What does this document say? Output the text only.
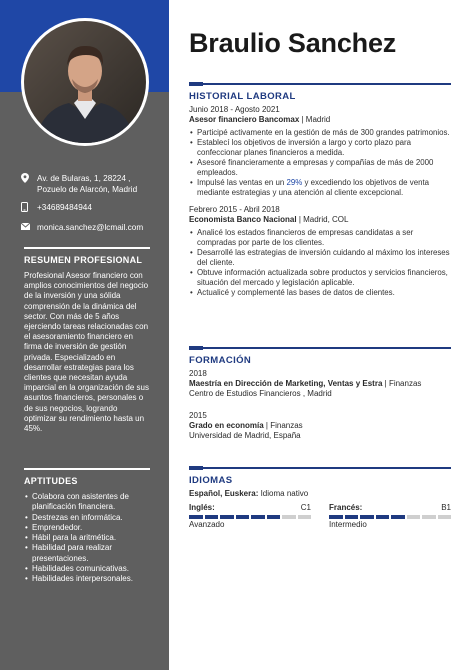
Av. de Bularas, 1, 28224 ,
Pozuelo de Alarcón, Madrid
+34689484944
monica.sanchez@lcmail.com
RESUMEN PROFESIONAL

Profesional Asesor financiero con amplios conocimientos del negocio de la inversión y una sólida comprensión de la dinámica del sector. Con más de 5 años ejerciendo tareas relacionadas con el asesoramiento financiero en firma de inversión de gestión privada. Especializado en desarrollar estrategias para los clientes que necesitan ayuda imparcial en la organización de sus asuntos financieros, personales o de sus negocios, logrando optimizar su rendimiento hasta un 45%.

APTITUDES
• Colabora con asistentes de planificación financiera.
• Destrezas en informática.
• Emprendedor.
• Hábil para la aritmética.
• Habilidad para realizar presentaciones.
• Habilidades comunicativas.
• Habilidades interpersonales.
Braulio Sanchez
HISTORIAL LABORAL
Junio 2018 - Agosto 2021
Asesor financiero Bancomax | Madrid
• Participé activamente en la gestión de más de 300 grandes patrimonios.
• Establecí los objetivos de inversión a largo y corto plazo para confeccionar planes financieros a medida.
• Asesoré financieramente a empresas y compañías de más de 2000 empleados.
• Impulsé las ventas en un 29% y excediendo los objetivos de venta mediante estrategias y una atención al cliente excepcional.
Febrero 2015 - Abril 2018
Economista Banco Nacional | Madrid, COL
• Analicé los estados financieros de empresas candidatas a ser compradas por parte de los clientes.
• Desarrollé las estrategias de inversión cuidando al máximo los intereses del cliente.
• Obtuve información actualizada sobre productos y servicios financieros, situación del mercado y legislación aplicable.
• Actualicé y complementé las bases de datos de clientes.
FORMACIÓN
2018
Maestría en Dirección de Marketing, Ventas y Estra | Finanzas
Centro de Estudios Financieros , Madrid
2015
Grado en economía | Finanzas
Universidad de Madrid, España
IDIOMAS
Español, Euskera: Idioma nativo
Inglés:	C1
Avanzado
Francés:	B1
Intermedio
